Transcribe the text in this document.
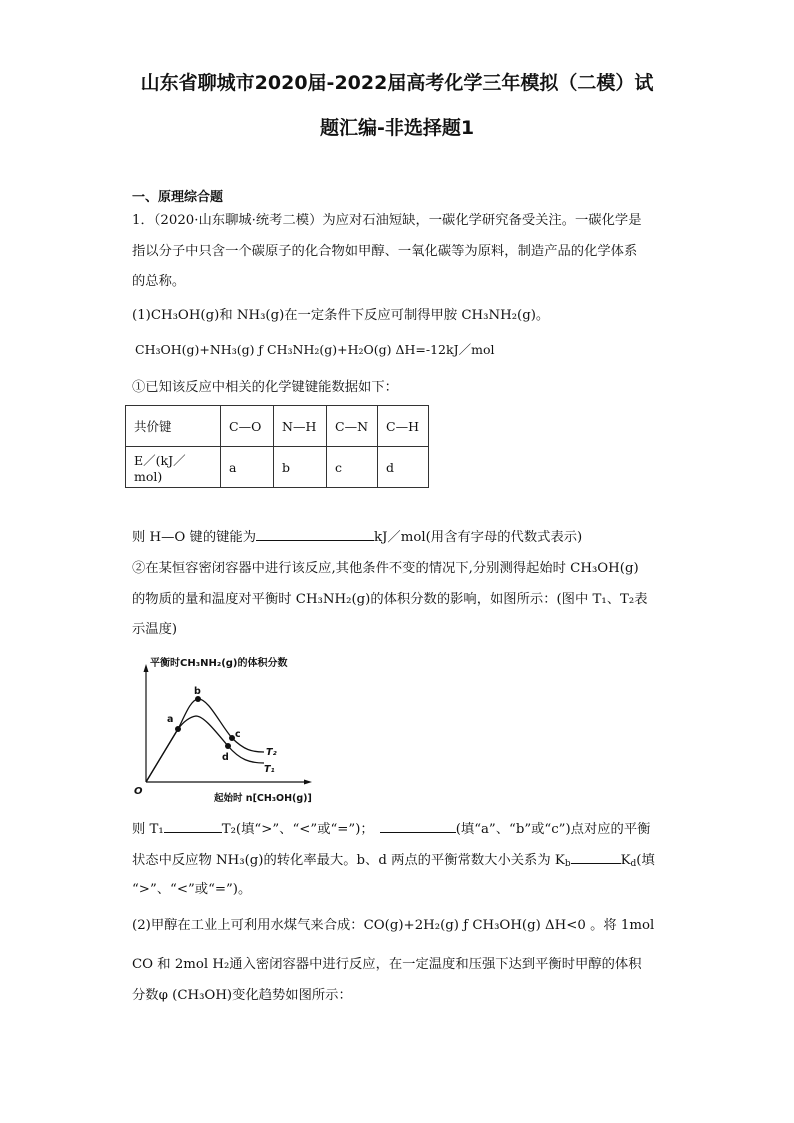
山东省聊城市2020届-2022届高考化学三年模拟（二模）试
题汇编-非选择题1
一、原理综合题
1．（2020·山东聊城·统考二模）为应对石油短缺，一碳化学研究备受关注。一碳化学是
指以分子中只含一个碳原子的化合物如甲醇、一氧化碳等为原料，制造产品的化学体系
的总称。
(1)CH₃OH(g)和 NH₃(g)在一定条件下反应可制得甲胺 CH₃NH₂(g)。
CH₃OH(g)+NH₃(g) ƒ CH₃NH₂(g)+H₂O(g) ΔH=-12kJ／mol
①已知该反应中相关的化学键键能数据如下：
共价键	C—O	N—H	C—N	C—H
E／(kJ／mol)	a	b	c	d
则 H—O 键的键能为	kJ／mol(用含有字母的代数式表示)
②在某恒容密闭容器中进行该反应,其他条件不变的情况下,分别测得起始时 CH₃OH(g)
的物质的量和温度对平衡时 CH₃NH₂(g)的体积分数的影响，如图所示：(图中 T₁、T₂表
示温度)
平衡时CH₃NH₂(g)的体积分数
O
起始时 n[CH₃OH(g)]
a
b
c
d	T₂
T₁
则 T₁	T₂(填“>”、“<”或“=”)；	(填“a”、“b”或“c”)点对应的平衡
状态中反应物 NH₃(g)的转化率最大。b、d 两点的平衡常数大小关系为 $K_b$	$K_d$(填
“>”、“<”或“=”)。
(2)甲醇在工业上可利用水煤气来合成：CO(g)+2H₂(g) ƒ CH₃OH(g) ΔH<0 。将 1mol
CO 和 2mol H₂通入密闭容器中进行反应，在一定温度和压强下达到平衡时甲醇的体积
分数φ (CH₃OH)变化趋势如图所示：
